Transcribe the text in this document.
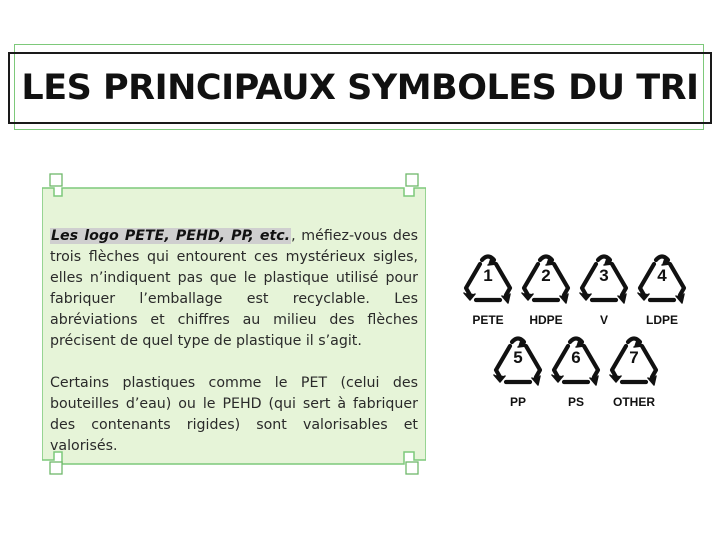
LES PRINCIPAUX SYMBOLES DU TRI

Les logo PETE, PEHD, PP, etc., méfiez-vous des trois flèches qui entourent ces mystérieux sigles, elles n’indiquent pas que le plastique utilisé pour fabriquer l’emballage est recyclable. Les abréviations et chiffres au milieu des flèches précisent de quel type de plastique il s’agit.

Certains plastiques comme le PET (celui des bouteilles d’eau) ou le PEHD (qui sert à fabriquer des contenants rigides) sont valorisables et valorisés.

1
PETE
2
HDPE
3
V
4
LDPE
5
PP
6
PS
7
OTHER
